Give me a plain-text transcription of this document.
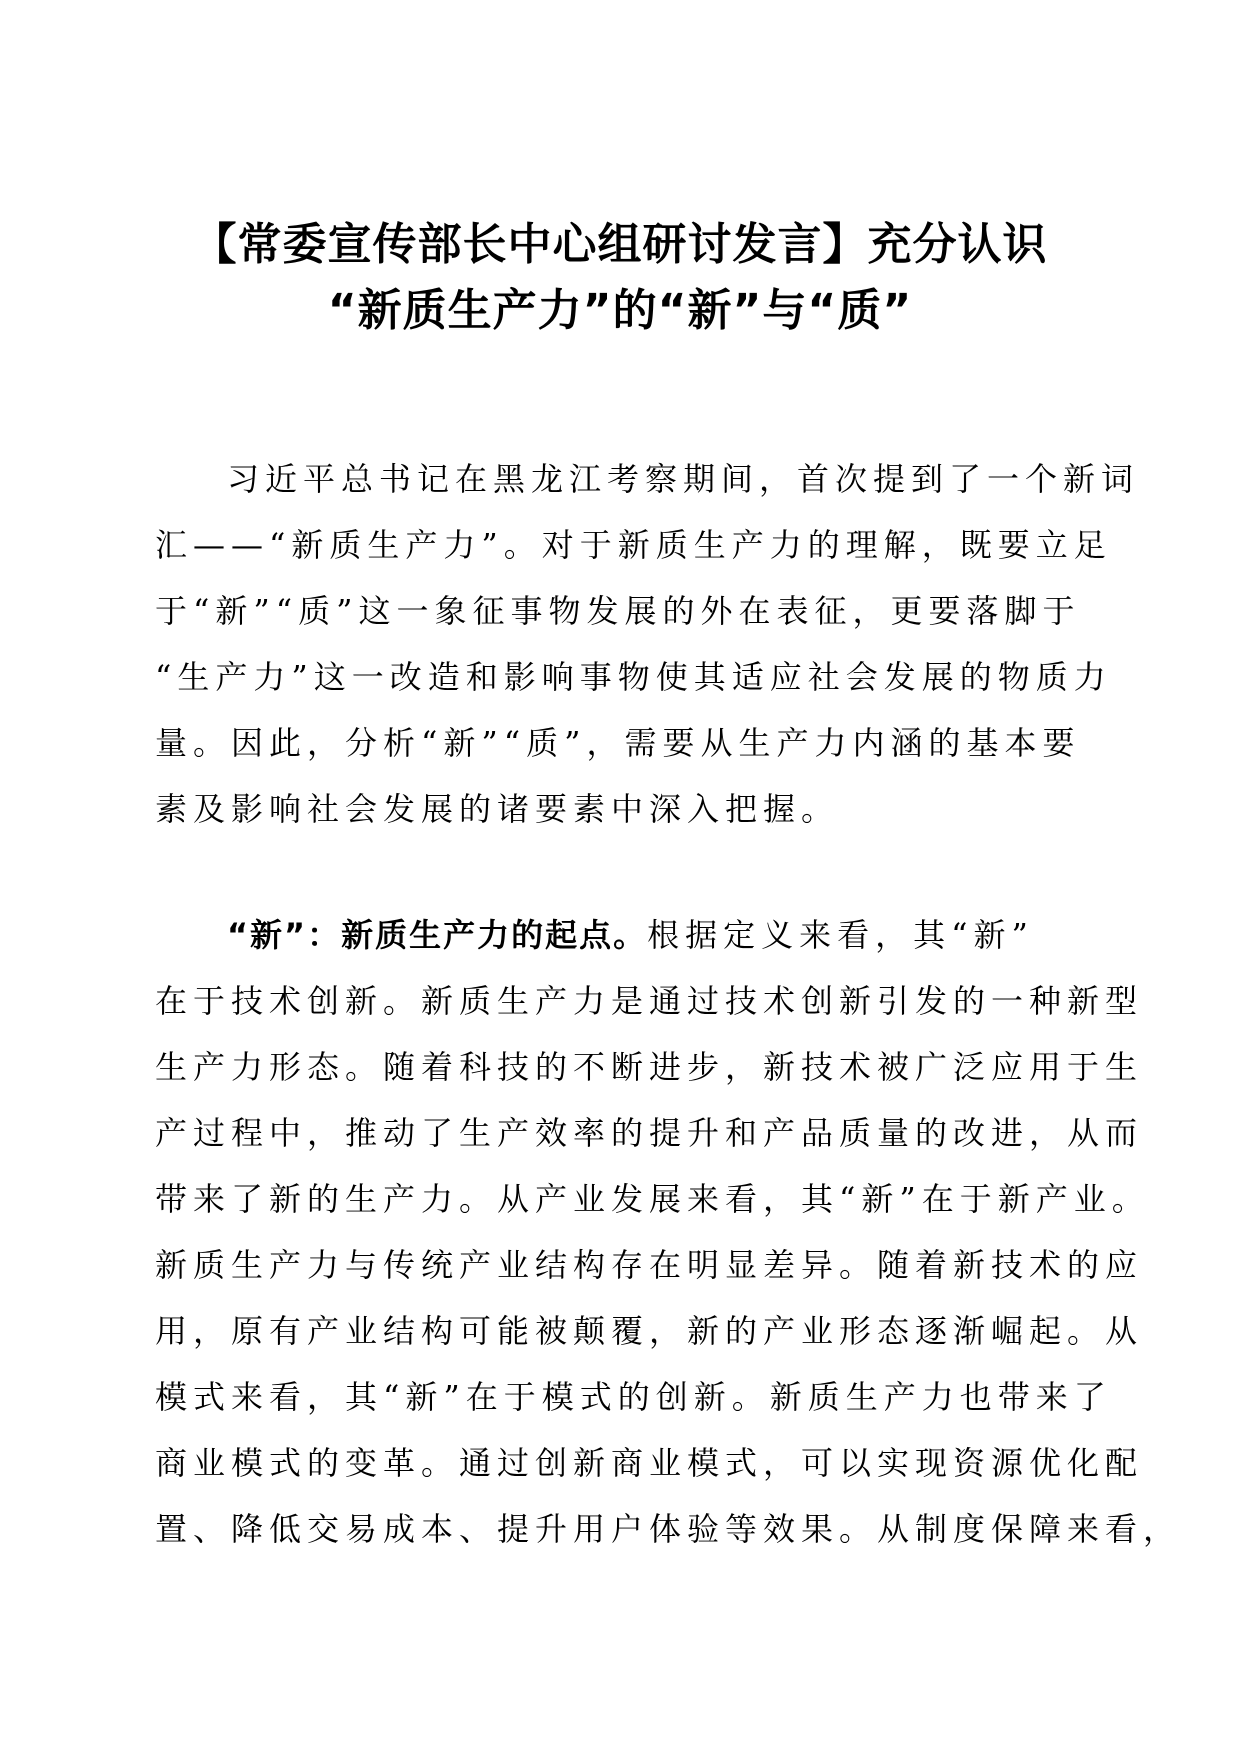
【常委宣传部长中心组研讨发言】充分认识
“新质生产力”的“新”与“质”
习近平总书记在黑龙江考察期间，首次提到了一个新词
汇——“新质生产力”。对于新质生产力的理解，既要立足
于“新”“质”这一象征事物发展的外在表征，更要落脚于
“生产力”这一改造和影响事物使其适应社会发展的物质力
量。因此，分析“新”“质”，需要从生产力内涵的基本要
素及影响社会发展的诸要素中深入把握。
“新”：新质生产力的起点。根据定义来看，其“新”
在于技术创新。新质生产力是通过技术创新引发的一种新型
生产力形态。随着科技的不断进步，新技术被广泛应用于生
产过程中，推动了生产效率的提升和产品质量的改进，从而
带来了新的生产力。从产业发展来看，其“新”在于新产业。
新质生产力与传统产业结构存在明显差异。随着新技术的应
用，原有产业结构可能被颠覆，新的产业形态逐渐崛起。从
模式来看，其“新”在于模式的创新。新质生产力也带来了
商业模式的变革。通过创新商业模式，可以实现资源优化配
置、降低交易成本、提升用户体验等效果。从制度保障来看，
